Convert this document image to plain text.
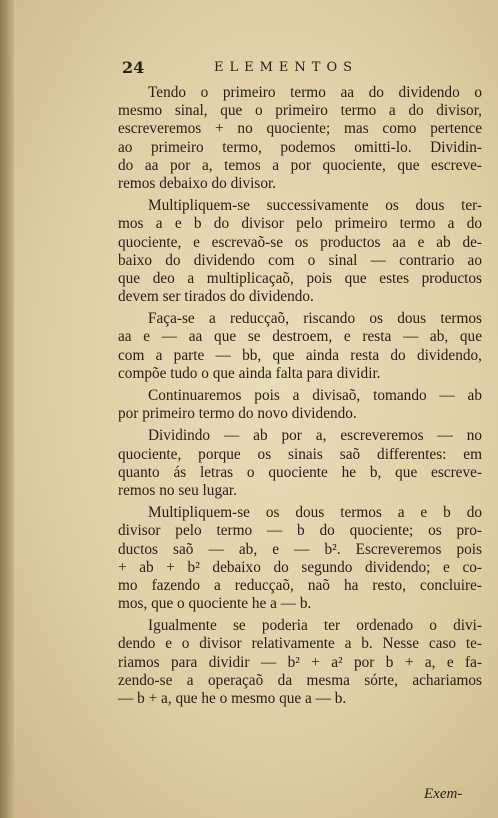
24	ELEMENTOS
Tendo o primeiro termo aa do dividendo o
mesmo sinal, que o primeiro termo a do divisor,
escreveremos + no quociente; mas como pertence
ao primeiro termo, podemos omitti-lo. Dividin-
do aa por a, temos a por quociente, que escreve-
remos debaixo do divisor.
Multipliquem-se successivamente os dous ter-
mos a e b do divisor pelo primeiro termo a do
quociente, e escrevaõ-se os productos aa e ab de-
baixo do dividendo com o sinal — contrario ao
que deo a multiplicaçaõ, pois que estes productos
devem ser tirados do dividendo.
Faça-se a reducçaõ, riscando os dous termos
aa e — aa que se destroem, e resta — ab, que
com a parte — bb, que ainda resta do dividendo,
compõe tudo o que ainda falta para dividir.
Continuaremos pois a divisaõ, tomando — ab
por primeiro termo do novo dividendo.
Dividindo — ab por a, escreveremos — no
quociente, porque os sinais saõ differentes: em
quanto ás letras o quociente he b, que escreve-
remos no seu lugar.
Multipliquem-se os dous termos a e b do
divisor pelo termo — b do quociente; os pro-
ductos saõ — ab, e — b². Escreveremos pois
+ ab + b² debaixo do segundo dividendo; e co-
mo fazendo a reducçaõ, naõ ha resto, concluire-
mos, que o quociente he a — b.
Igualmente se poderia ter ordenado o divi-
dendo e o divisor relativamente a b. Nesse caso te-
riamos para dividir — b² + a² por b + a, e fa-
zendo-se a operaçaõ da mesma sórte, achariamos
— b + a, que he o mesmo que a — b.
Exem-
